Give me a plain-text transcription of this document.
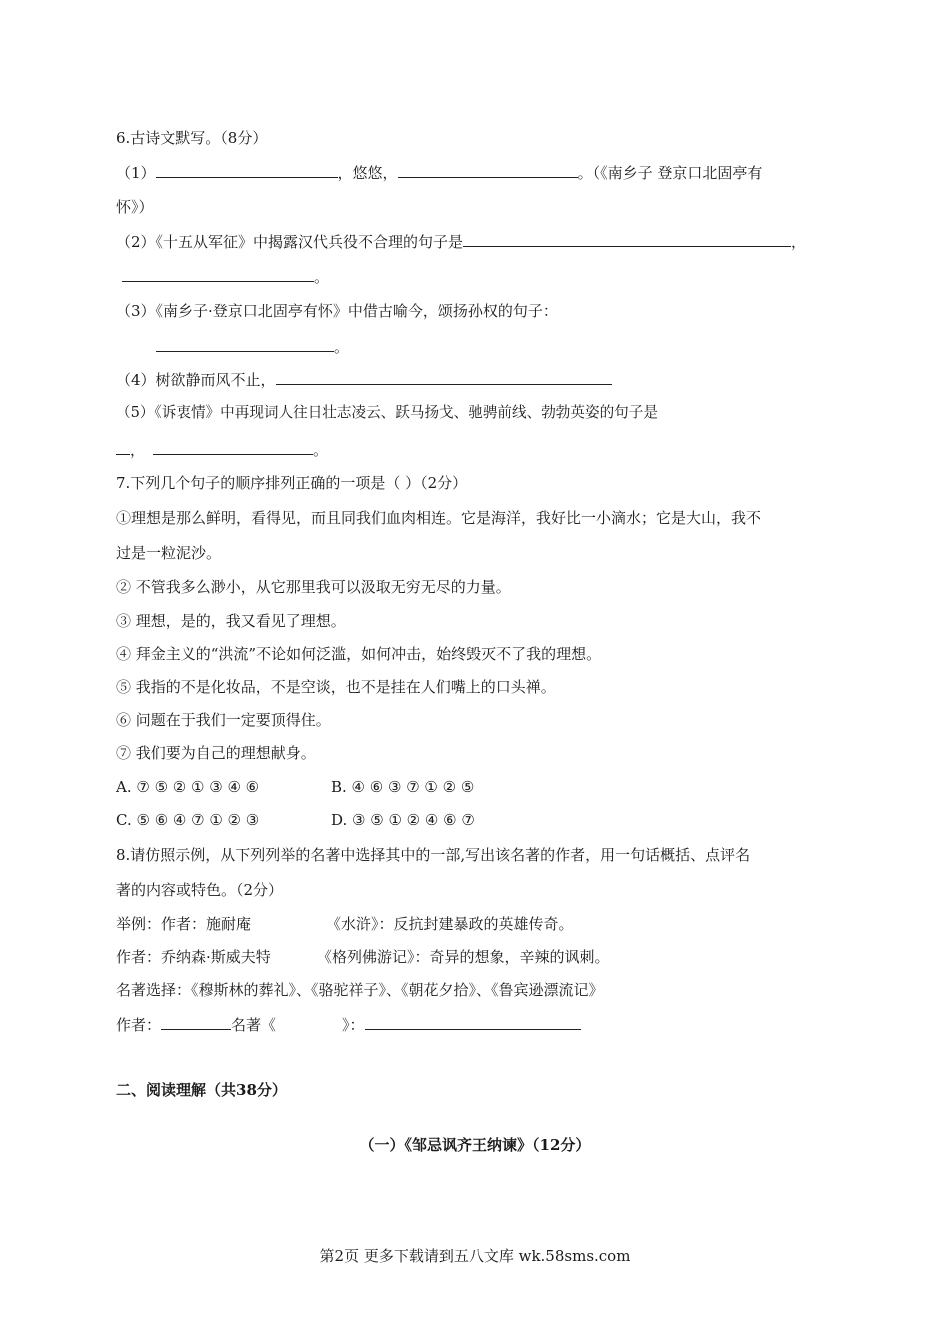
6.古诗文默写。（8分）
（1）	，悠悠，	。（《南乡子 登京口北固亭有
怀》）
（2）《十五从军征》中揭露汉代兵役不合理的句子是	，
。
（3）《南乡子·登京口北固亭有怀》中借古喻今，颂扬孙权的句子：
。
（4）树欲静而风不止，
（5）《诉衷情》中再现词人往日壮志凌云、跃马扬戈、驰骋前线、勃勃英姿的句子是
，	。
7.下列几个句子的顺序排列正确的一项是（ ）（2分）
①理想是那么鲜明，看得见，而且同我们血肉相连。它是海洋，我好比一小滴水；它是大山，我不
过是一粒泥沙。
② 不管我多么渺小，从它那里我可以汲取无穷无尽的力量。
③ 理想，是的，我又看见了理想。
④ 拜金主义的“洪流”不论如何泛滥，如何冲击，始终毁灭不了我的理想。
⑤ 我指的不是化妆品，不是空谈，也不是挂在人们嘴上的口头禅。
⑥ 问题在于我们一定要顶得住。
⑦ 我们要为自己的理想献身。
A. ⑦ ⑤ ② ① ③ ④ ⑥	B. ④ ⑥ ③ ⑦ ① ② ⑤
C. ⑤ ⑥ ④ ⑦ ① ② ③	D. ③ ⑤ ① ② ④ ⑥ ⑦
8.请仿照示例，从下列列举的名著中选择其中的一部,写出该名著的作者，用一句话概括、点评名
著的内容或特色。（2分）
举例：作者：施耐庵	《水浒》：反抗封建暴政的英雄传奇。
作者：乔纳森·斯威夫特	《格列佛游记》：奇异的想象，辛辣的讽刺。
名著选择：《穆斯林的葬礼》、《骆驼祥子》、《朝花夕拾》、《鲁宾逊漂流记》
作者：	名著《	》：
二、阅读理解（共38分）
（一）《邹忌讽齐王纳谏》（12分）
第2页 更多下载请到五八文库 wk.58sms.com
